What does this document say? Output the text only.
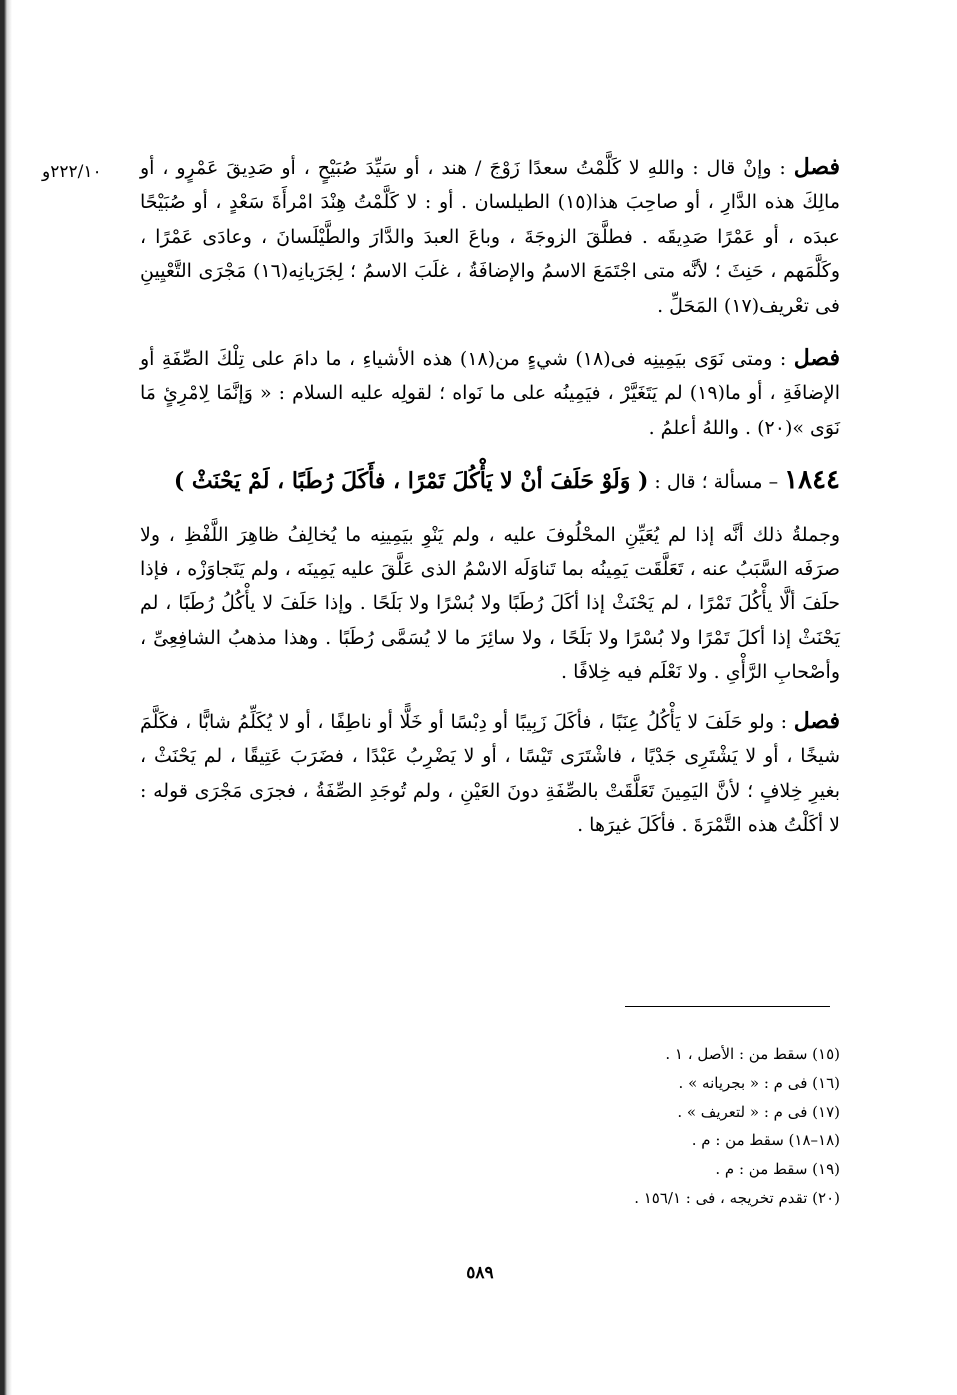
٢٢٢/١٠و	فصل : وإنْ قال : واللهِ لا كَلَّمْتُ سعدًا زَوْجَ / هند ، أو سَيِّدَ صُبَيْحٍ ، أو صَدِيقَ عَمْرٍو ، أو مالِكَ هذه الدَّارِ ، أو صاحِبَ هذا(١٥) الطيلسان . أو : لا كَلَّمْتُ هِنْدَ امْرأَةَ سَعْدٍ ، أو صُبَيْحًا عبدَه ، أو عَمْرًا صَدِيقَه . فطلَّقَ الزوجَةَ ، وباعَ العبدَ والدَّارَ والطَّيْلَسانَ ، وعادَى عَمْرًا ، وكَلَّمَهم ، حَنِثَ ؛ لأنَّه متى اجْتَمَعَ الاسمُ والإضافَةُ ، غلَبَ الاسمُ ؛ لِجَرَيانِه(١٦) مَجْرَى التَّعْيِينِ فى تعْريف(١٧) المَحَلِّ .

فصل : ومتى نَوَى بيَمِينِه فى(١٨) شيءٍ من(١٨) هذه الأشياءِ ، ما دامَ على تِلْكَ الصِّفَةِ أو الإضافَةِ ، أو ما(١٩) لم يَتَغَيَّرْ ، فيَمِينُه على ما نَواه ؛ لقولِه عليه السلام : « وَإنَّمَا لِامْرِئٍ مَا نَوَى »(٢٠) . واللهُ أعلمُ .

١٨٤٤ – مسألة ؛ قال : ( وَلَوْ حَلَفَ أنْ لا يَأْكُلَ تَمْرًا ، فأَكَلَ رُطَبًا ، لَمْ يَحْنَثْ )

وجملةُ ذلك أنَّه إذا لم يُعَيِّنِ المحْلُوفَ عليه ، ولم يَنْوِ بيَمِينِه ما يُخالِفُ ظاهِرَ اللَّفْظِ ، ولا صرَفَه السَّبَبُ عنه ، تَعَلَّقَت يَمِينُه بما تَناوَلَه الاسْمُ الذى عَلَّقَ عليه يَمِينَه ، ولم يَتَجاوَزْه ، فإذا حلَفَ ألَّا يأْكُلَ تَمْرًا ، لم يَحْنَثْ إذا أكَلَ رُطَبًا ولا بُسْرًا ولا بَلَحًا . وإذا حَلَفَ لا يأْكُلُ رُطَبًا ، لم يَحْنَثْ إذا أكلَ تَمْرًا ولا بُسْرًا ولا بَلَحًا ، ولا سائِرَ ما لا يُسَمَّى رُطَبًا . وهذا مذهبُ الشافِعِىِّ ، وأصْحابِ الرَّأْىِ . ولا نَعْلَم فيه خِلافًا .

فصل : ولو حَلَفَ لا يَأْكُلُ عِنَبًا ، فأكَلَ زَبِيبًا أو دِبْسًا أو خَلًّا أو ناطِفًا ، أو لا يُكَلِّمُ شابًّا ، فكَلَّمَ شيخًا ، أو لا يَشْتَرِى جَدْيًا ، فاشْتَرَى تَيْسًا ، أو لا يَضْرِبُ عَبْدًا ، فضَرَبَ عَتِيقًا ، لم يَحْنَثْ ، بغيرِ خِلافٍ ؛ لأنَّ اليَمِينَ تَعَلَّقَتْ بالصِّفَةِ دونَ العَيْنِ ، ولم تُوجَدِ الصِّفَةُ ، فجرَى مَجْرَى قوله : لا أكَلْتُ هذه التَّمْرَةَ . فأكَلَ غيرَها .

(١٥) سقط من : الأصل ، ١ .
(١٦) فى م : « بجريانه » .
(١٧) فى م : « لتعريف » .
(١٨–١٨) سقط من : م .
(١٩) سقط من : م .
(٢٠) تقدم تخريجه ، فى : ١٥٦/١ .
٥٨٩
